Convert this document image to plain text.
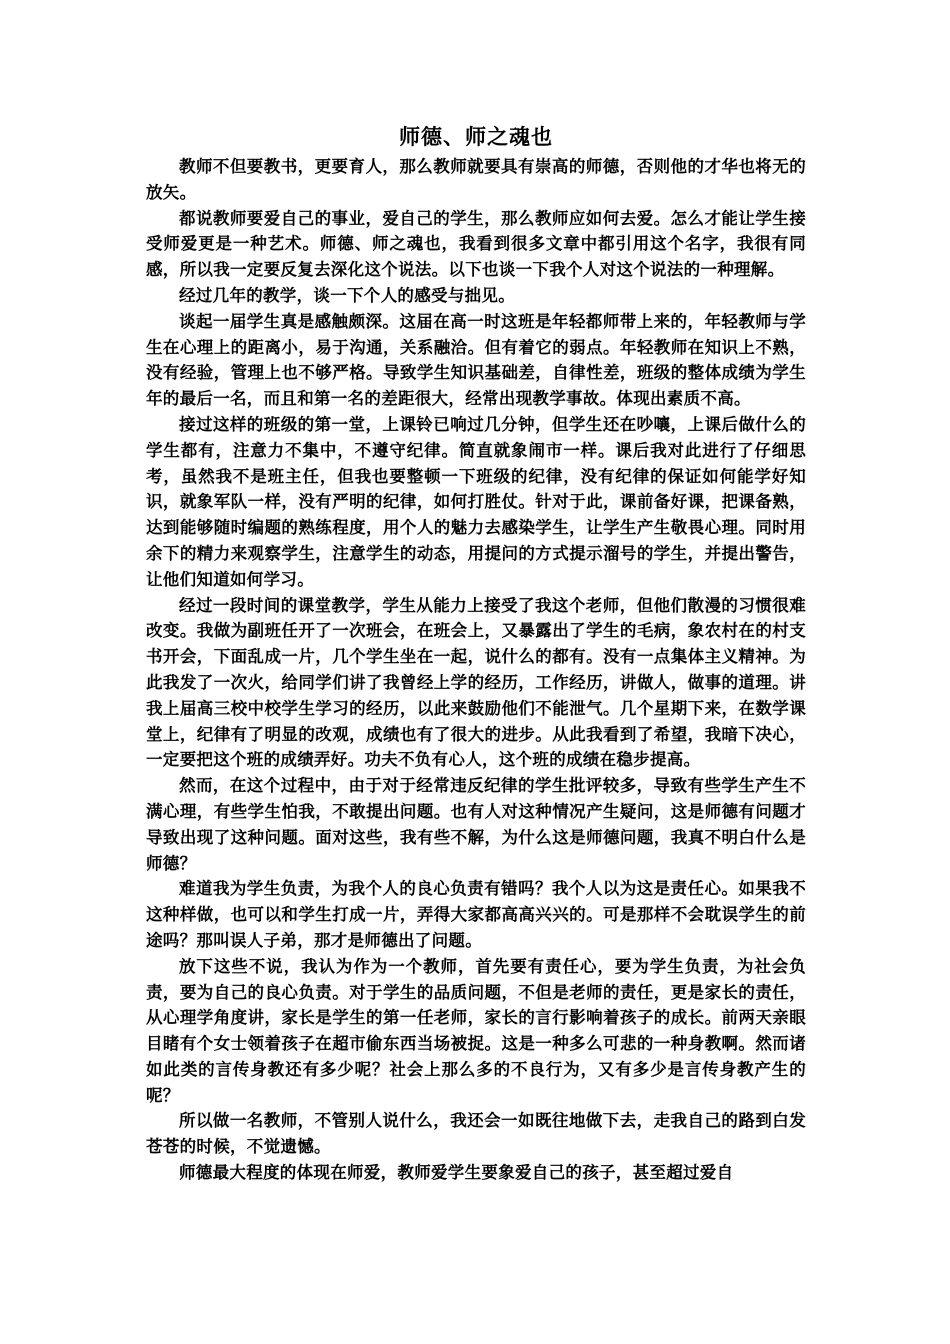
师德、师之魂也

教师不但要教书，更要育人，那么教师就要具有崇高的师德，否则他的才华也将无的放矢。

都说教师要爱自己的事业，爱自己的学生，那么教师应如何去爱。怎么才能让学生接受师爱更是一种艺术。师德、师之魂也，我看到很多文章中都引用这个名字，我很有同感，所以我一定要反复去深化这个说法。以下也谈一下我个人对这个说法的一种理解。

经过几年的教学，谈一下个人的感受与拙见。

谈起一届学生真是感触颇深。这届在高一时这班是年轻都师带上来的，年轻教师与学生在心理上的距离小，易于沟通，关系融洽。但有着它的弱点。年轻教师在知识上不熟，没有经验，管理上也不够严格。导致学生知识基础差，自律性差，班级的整体成绩为学生年的最后一名，而且和第一名的差距很大，经常出现教学事故。体现出素质不高。

接过这样的班级的第一堂，上课铃已响过几分钟，但学生还在吵嚷，上课后做什么的学生都有，注意力不集中，不遵守纪律。简直就象闹市一样。课后我对此进行了仔细思考，虽然我不是班主任，但我也要整顿一下班级的纪律，没有纪律的保证如何能学好知识，就象军队一样，没有严明的纪律，如何打胜仗。针对于此，课前备好课，把课备熟，达到能够随时编题的熟练程度，用个人的魅力去感染学生，让学生产生敬畏心理。同时用余下的精力来观察学生，注意学生的动态，用提问的方式提示溜号的学生，并提出警告，让他们知道如何学习。

经过一段时间的课堂教学，学生从能力上接受了我这个老师，但他们散漫的习惯很难改变。我做为副班任开了一次班会，在班会上，又暴露出了学生的毛病，象农村在的村支书开会，下面乱成一片，几个学生坐在一起，说什么的都有。没有一点集体主义精神。为此我发了一次火，给同学们讲了我曾经上学的经历，工作经历，讲做人，做事的道理。讲我上届高三校中校学生学习的经历，以此来鼓励他们不能泄气。几个星期下来，在数学课堂上，纪律有了明显的改观，成绩也有了很大的进步。从此我看到了希望，我暗下决心，一定要把这个班的成绩弄好。功夫不负有心人，这个班的成绩在稳步提高。

然而，在这个过程中，由于对于经常违反纪律的学生批评较多，导致有些学生产生不满心理，有些学生怕我，不敢提出问题。也有人对这种情况产生疑问，这是师德有问题才导致出现了这种问题。面对这些，我有些不解，为什么这是师德问题，我真不明白什么是师德？

难道我为学生负责，为我个人的良心负责有错吗？我个人以为这是责任心。如果我不这种样做，也可以和学生打成一片，弄得大家都高高兴兴的。可是那样不会耽误学生的前途吗？那叫误人子弟，那才是师德出了问题。

放下这些不说，我认为作为一个教师，首先要有责任心，要为学生负责，为社会负责，要为自己的良心负责。对于学生的品质问题，不但是老师的责任，更是家长的责任，从心理学角度讲，家长是学生的第一任老师，家长的言行影响着孩子的成长。前两天亲眼目睹有个女士领着孩子在超市偷东西当场被捉。这是一种多么可悲的一种身教啊。然而诸如此类的言传身教还有多少呢？社会上那么多的不良行为，又有多少是言传身教产生的呢？

所以做一名教师，不管别人说什么，我还会一如既往地做下去，走我自己的路到白发苍苍的时候，不觉遗憾。

师德最大程度的体现在师爱，教师爱学生要象爱自己的孩子，甚至超过爱自
